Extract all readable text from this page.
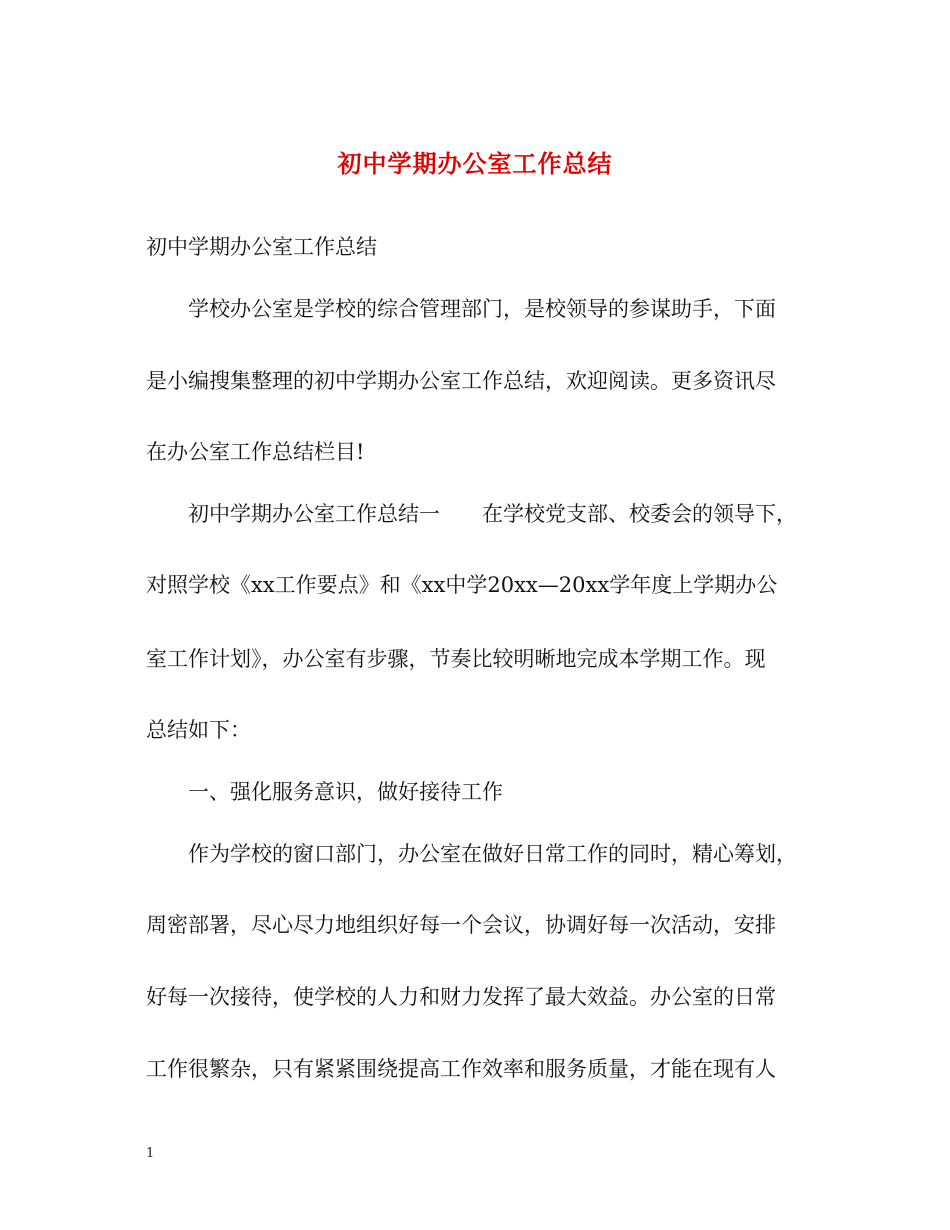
初中学期办公室工作总结
初中学期办公室工作总结
学校办公室是学校的综合管理部门，是校领导的参谋助手，下面
是小编搜集整理的初中学期办公室工作总结，欢迎阅读。更多资讯尽
在办公室工作总结栏目!
初中学期办公室工作总结一　　在学校党支部、校委会的领导下，
对照学校《xx工作要点》和《xx中学20xx—20xx学年度上学期办公
室工作计划》，办公室有步骤，节奏比较明晰地完成本学期工作。现
总结如下：
一、强化服务意识，做好接待工作
作为学校的窗口部门，办公室在做好日常工作的同时，精心筹划，
周密部署，尽心尽力地组织好每一个会议，协调好每一次活动，安排
好每一次接待，使学校的人力和财力发挥了最大效益。办公室的日常
工作很繁杂，只有紧紧围绕提高工作效率和服务质量，才能在现有人
1
